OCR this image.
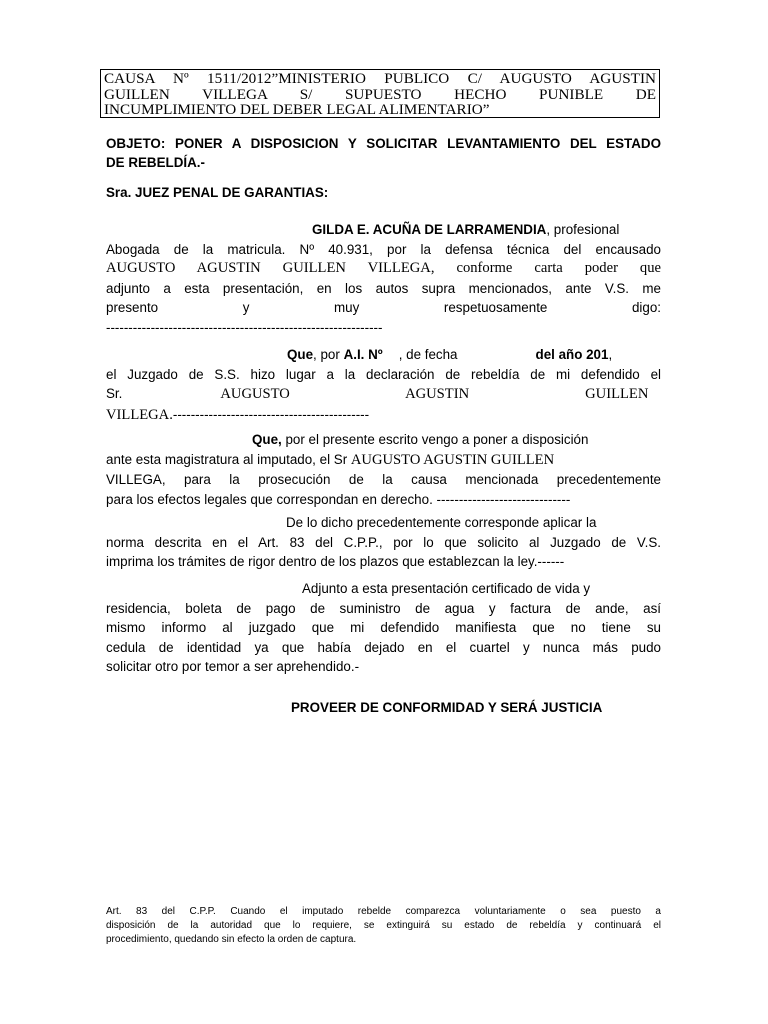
CAUSA Nº 1511/2012”MINISTERIO PUBLICO C/ AUGUSTO AGUSTIN
GUILLEN VILLEGA S/ SUPUESTO HECHO PUNIBLE DE
INCUMPLIMIENTO DEL DEBER LEGAL ALIMENTARIO”
OBJETO: PONER A DISPOSICION Y SOLICITAR LEVANTAMIENTO DEL ESTADO
DE REBELDÍA.-
Sra. JUEZ PENAL DE GARANTIAS:
GILDA E. ACUÑA DE LARRAMENDIA, profesional
Abogada de la matricula. Nº 40.931, por la defensa técnica del encausado
AUGUSTO AGUSTIN GUILLEN VILLEGA, conforme carta poder que
adjunto a esta presentación, en los autos supra mencionados, ante V.S. me
presento y muy respetuosamente digo:
--------------------------------------------------------------
Que, por A.I. Nº , de fecha	del año 201,
el Juzgado de S.S. hizo lugar a la declaración de rebeldía de mi defendido el
Sr.	AUGUSTO AGUSTIN GUILLEN
VILLEGA.--------------------------------------------
Que, por el presente escrito vengo a poner a disposición
ante esta magistratura al imputado, el Sr AUGUSTO AGUSTIN GUILLEN
VILLEGA, para la prosecución de la causa mencionada precedentemente
para los efectos legales que correspondan en derecho. ------------------------------
De lo dicho precedentemente corresponde aplicar la
norma descrita en el Art. 83 del C.P.P., por lo que solicito al Juzgado de V.S.
imprima los trámites de rigor dentro de los plazos que establezcan la ley.------
Adjunto a esta presentación certificado de vida y
residencia, boleta de pago de suministro de agua y factura de ande, así
mismo informo al juzgado que mi defendido manifiesta que no tiene su
cedula de identidad ya que había dejado en el cuartel y nunca más pudo
solicitar otro por temor a ser aprehendido.-
PROVEER DE CONFORMIDAD Y SERÁ JUSTICIA
Art. 83 del C.P.P. Cuando el imputado rebelde comparezca voluntariamente o sea puesto a
disposición de la autoridad que lo requiere, se extinguirá su estado de rebeldía y continuará el
procedimiento, quedando sin efecto la orden de captura.
